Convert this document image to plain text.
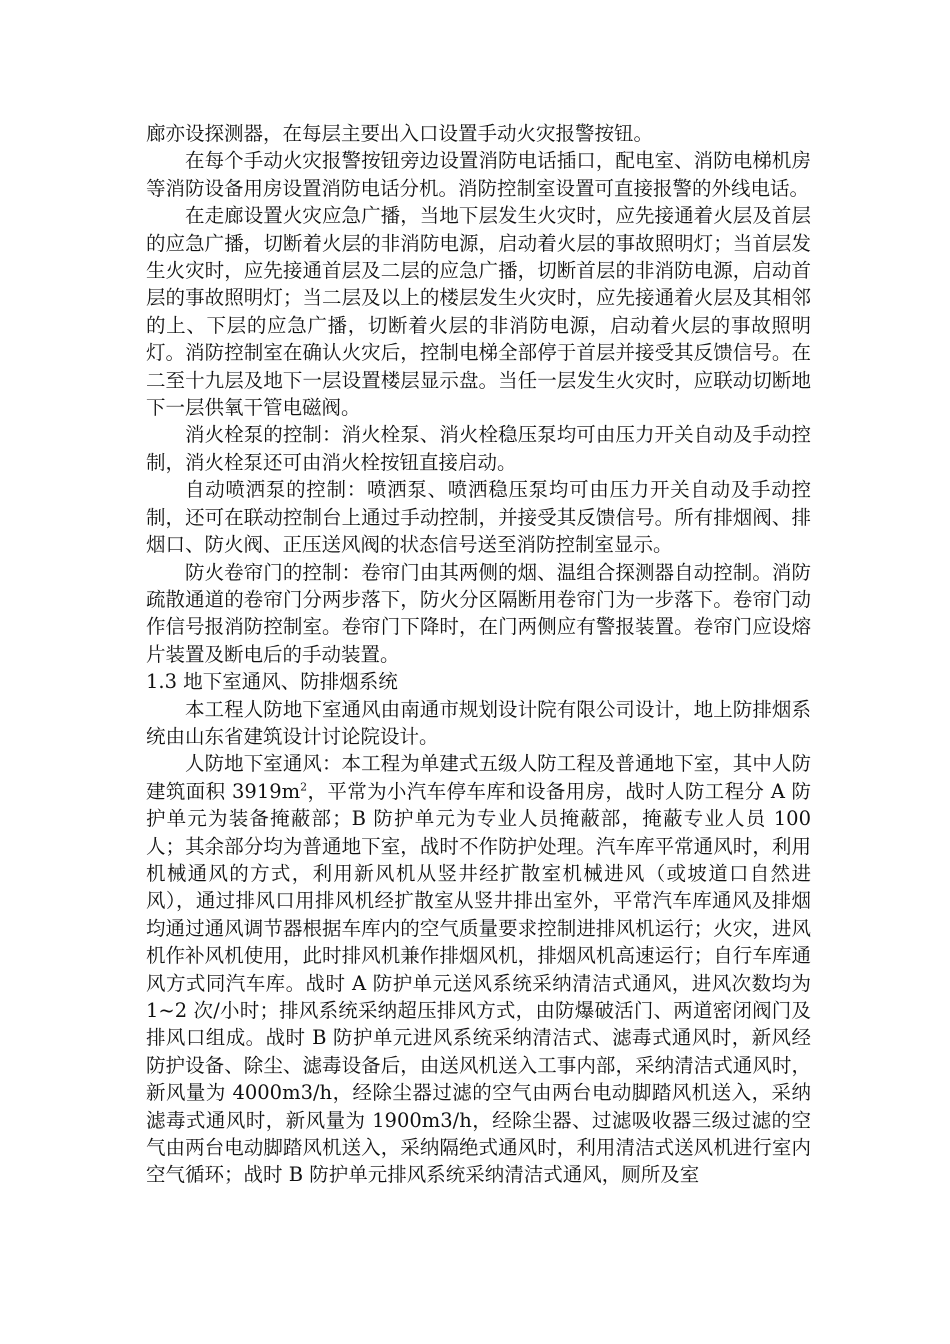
廊亦设探测器，在每层主要出入口设置手动火灾报警按钮。

在每个手动火灾报警按钮旁边设置消防电话插口，配电室、消防电梯机房等消防设备用房设置消防电话分机。消防控制室设置可直接报警的外线电话。

在走廊设置火灾应急广播，当地下层发生火灾时，应先接通着火层及首层的应急广播，切断着火层的非消防电源，启动着火层的事故照明灯；当首层发生火灾时，应先接通首层及二层的应急广播，切断首层的非消防电源，启动首层的事故照明灯；当二层及以上的楼层发生火灾时，应先接通着火层及其相邻的上、下层的应急广播，切断着火层的非消防电源，启动着火层的事故照明灯。消防控制室在确认火灾后，控制电梯全部停于首层并接受其反馈信号。在二至十九层及地下一层设置楼层显示盘。当任一层发生火灾时，应联动切断地下一层供氧干管电磁阀。

消火栓泵的控制：消火栓泵、消火栓稳压泵均可由压力开关自动及手动控制，消火栓泵还可由消火栓按钮直接启动。

自动喷洒泵的控制：喷洒泵、喷洒稳压泵均可由压力开关自动及手动控制，还可在联动控制台上通过手动控制，并接受其反馈信号。所有排烟阀、排烟口、防火阀、正压送风阀的状态信号送至消防控制室显示。

防火卷帘门的控制：卷帘门由其两侧的烟、温组合探测器自动控制。消防疏散通道的卷帘门分两步落下，防火分区隔断用卷帘门为一步落下。卷帘门动作信号报消防控制室。卷帘门下降时，在门两侧应有警报装置。卷帘门应设熔片装置及断电后的手动装置。

1.3 地下室通风、防排烟系统

本工程人防地下室通风由南通市规划设计院有限公司设计，地上防排烟系统由山东省建筑设计讨论院设计。

人防地下室通风：本工程为单建式五级人防工程及普通地下室，其中人防建筑面积 $3919m^2$，平常为小汽车停车库和设备用房，战时人防工程分 A 防护单元为装备掩蔽部；B 防护单元为专业人员掩蔽部，掩蔽专业人员 100 人；其余部分均为普通地下室，战时不作防护处理。汽车库平常通风时，利用机械通风的方式，利用新风机从竖井经扩散室机械进风（或坡道口自然进风），通过排风口用排风机经扩散室从竖井排出室外，平常汽车库通风及排烟均通过通风调节器根据车库内的空气质量要求控制进排风机运行；火灾，进风机作补风机使用，此时排风机兼作排烟风机，排烟风机高速运行；自行车库通风方式同汽车库。战时 A 防护单元送风系统采纳清洁式通风，进风次数均为 1~2 次/小时；排风系统采纳超压排风方式，由防爆破活门、两道密闭阀门及排风口组成。战时 B 防护单元进风系统采纳清洁式、滤毒式通风时，新风经防护设备、除尘、滤毒设备后，由送风机送入工事内部，采纳清洁式通风时，新风量为 4000m3/h，经除尘器过滤的空气由两台电动脚踏风机送入，采纳滤毒式通风时，新风量为 1900m3/h，经除尘器、过滤吸收器三级过滤的空气由两台电动脚踏风机送入，采纳隔绝式通风时，利用清洁式送风机进行室内空气循环；战时 B 防护单元排风系统采纳清洁式通风，厕所及室
